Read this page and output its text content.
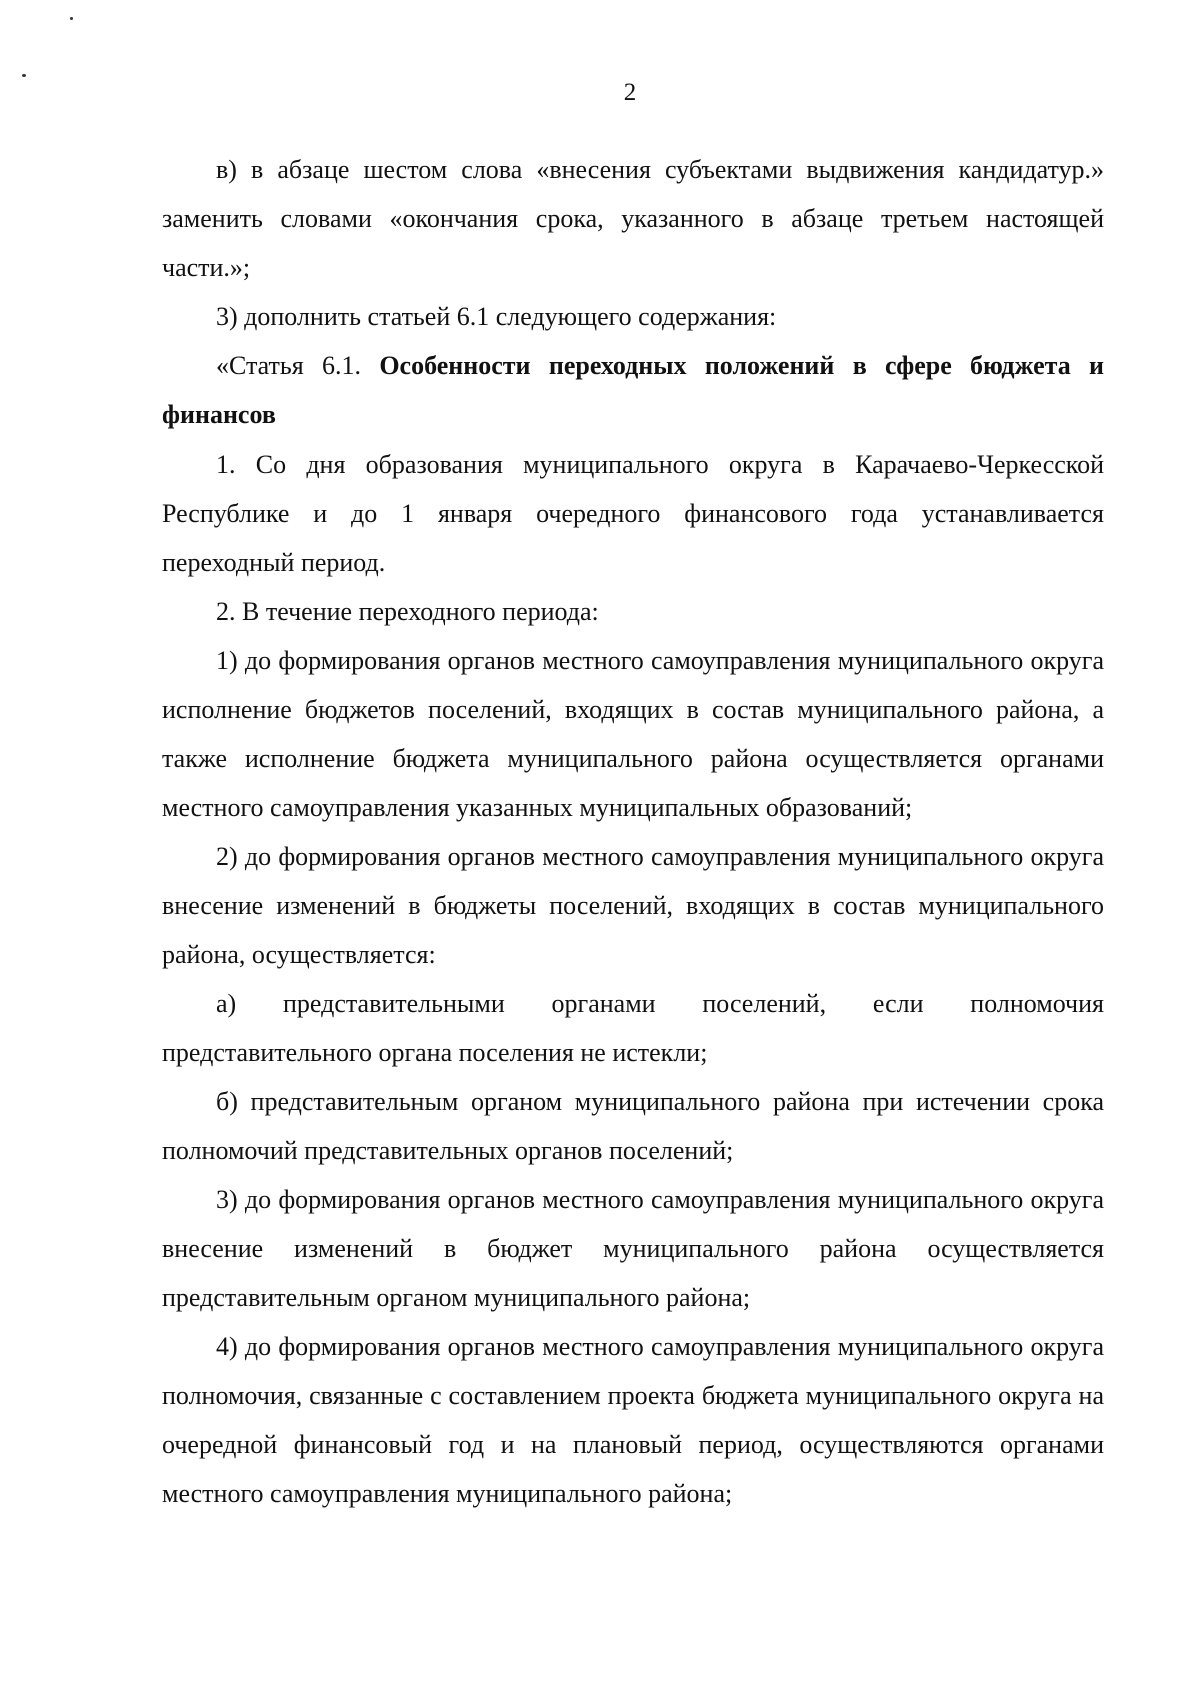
2

в) в абзаце шестом слова «внесения субъектами выдвижения кандидатур.» заменить словами «окончания срока, указанного в абзаце третьем настоящей части.»;

3) дополнить статьей 6.1 следующего содержания:

«Статья 6.1. Особенности переходных положений в сфере бюджета и финансов

1. Со дня образования муниципального округа в Карачаево-Черкесской Республике и до 1 января очередного финансового года устанавливается переходный период.

2. В течение переходного периода:

1) до формирования органов местного самоуправления муниципального округа исполнение бюджетов поселений, входящих в состав муниципального района, а также исполнение бюджета муниципального района осуществляется органами местного самоуправления указанных муниципальных образований;

2) до формирования органов местного самоуправления муниципального округа внесение изменений в бюджеты поселений, входящих в состав муниципального района, осуществляется:

а) представительными органами поселений, если полномочия представительного органа поселения не истекли;

б) представительным органом муниципального района при истечении срока полномочий представительных органов поселений;

3) до формирования органов местного самоуправления муниципального округа внесение изменений в бюджет муниципального района осуществляется представительным органом муниципального района;

4) до формирования органов местного самоуправления муниципального округа полномочия, связанные с составлением проекта бюджета муниципального округа на очередной финансовый год и на плановый период, осуществляются органами местного самоуправления муниципального района;
